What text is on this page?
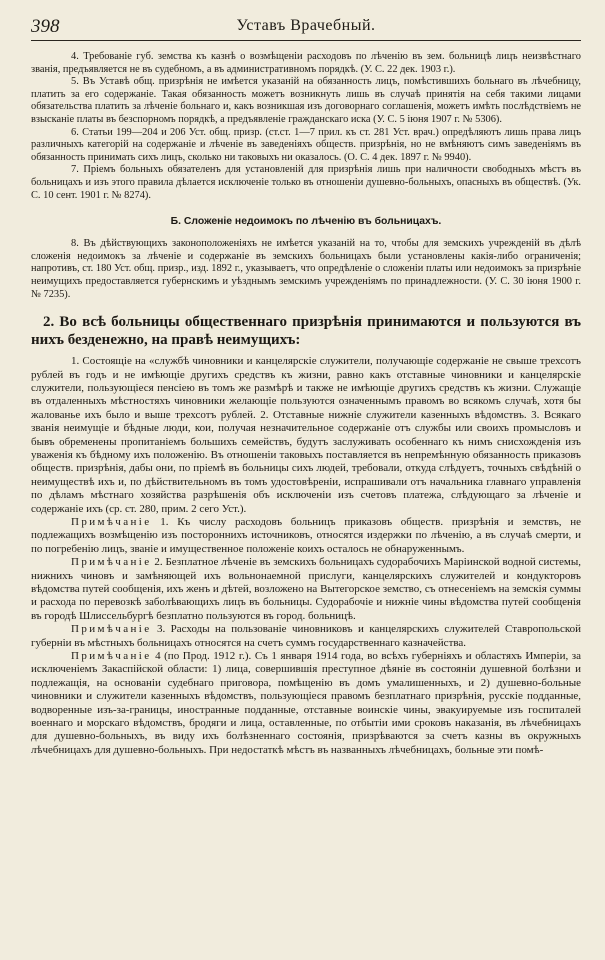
398	Уставъ Врачебный.

4. Требованіе губ. земства къ казнѣ о возмѣщеніи расходовъ по лѣченію въ зем. больницѣ лицъ неизвѣстнаго званія, предъявляется не въ судебномъ, а въ административномъ порядкѣ. (У. С. 22 дек. 1903 г.).

5. Въ Уставѣ общ. призрѣнія не имѣется указаній на обязанность лицъ, помѣстившихъ больнаго въ лѣчебницу, платить за его содержаніе. Такая обязанность можетъ возникнуть лишь въ случаѣ принятія на себя такими лицами обязательства платить за лѣченіе больнаго и, какъ возникшая изъ договорнаго соглашенія, можетъ имѣть послѣдствіемъ не взысканіе платы въ безспорномъ порядкѣ, а предъявленіе гражданскаго иска (У. С. 5 іюня 1907 г. № 5306).

6. Статьи 199—204 и 206 Уст. общ. призр. (ст.ст. 1—7 прил. къ ст. 281 Уст. врач.) опредѣляютъ лишь права лицъ различныхъ категорій на содержаніе и лѣченіе въ заведеніяхъ обществ. призрѣнія, но не вмѣняютъ симъ заведеніямъ въ обязанность принимать сихъ лицъ, сколько ни таковыхъ ни оказалось. (О. С. 4 дек. 1897 г. № 9940).

7. Пріемъ больныхъ обязателенъ для установленій для призрѣнія лишь при наличности свободныхъ мѣстъ въ больницахъ и изъ этого правила дѣлается исключеніе только въ отношеніи душевно-больныхъ, опасныхъ въ обществѣ. (Ук. С. 10 сент. 1901 г. № 8274).

Б. Сложеніе недоимокъ по лѣченію въ больницахъ.

8. Въ дѣйствующихъ законоположеніяхъ не имѣется указаній на то, чтобы для земскихъ учрежденій въ дѣлѣ сложенія недоимокъ за лѣченіе и содержаніе въ земскихъ больницахъ были установлены какія-либо ограниченія; напротивъ, ст. 180 Уст. общ. призр., изд. 1892 г., указываетъ, что опредѣленіе о сложеніи платы или недоимокъ за призрѣніе неимущихъ предоставляется губернскимъ и уѣзднымъ земскимъ учрежденіямъ по принадлежности. (У. С. 30 іюня 1900 г. № 7235).

2. Во всѣ больницы общественнаго призрѣнія принимаются и пользуются въ нихъ безденежно, на правѣ неимущихъ:

1. Состоящіе на «службѣ чиновники и канцелярскіе служители, получающіе содержаніе не свыше трехсотъ рублей въ годъ и не имѣющіе другихъ средствъ къ жизни, равно какъ отставные чиновники и канцелярскіе служители, пользующіеся пенсіею въ томъ же размѣрѣ и также не имѣющіе другихъ средствъ къ жизни. Служащіе въ отдаленныхъ мѣстностяхъ чиновники желающіе пользуются означеннымъ правомъ во всякомъ случаѣ, хотя бы жалованье ихъ было и выше трехсотъ рублей. 2. Отставные нижніе служители казенныхъ вѣдомствъ. 3. Всякаго званія неимущіе и бѣдные люди, кои, получая незначительное содержаніе отъ службы или своихъ промысловъ и бывъ обременены пропитаніемъ большихъ семействъ, будутъ заслуживать особеннаго къ нимъ снисхожденія изъ уваженія къ бѣдному ихъ положенію. Въ отношеніи таковыхъ поставляется въ непремѣнную обязанность приказовъ обществ. призрѣнія, дабы они, по пріемѣ въ больницы сихъ людей, требовали, откуда слѣдуетъ, точныхъ свѣдѣній о неимуществѣ ихъ и, по дѣйствительномъ въ томъ удостовѣреніи, испрашивали отъ начальника главнаго управленія по дѣламъ мѣстнаго хозяйства разрѣшенія объ исключеніи изъ счетовъ платежа, слѣдующаго за лѣченіе и содержаніе ихъ (ср. ст. 280, прим. 2 сего Уст.).

Примѣчаніе 1. Къ числу расходовъ больницъ приказовъ обществ. призрѣнія и земствъ, не подлежащихъ возмѣщенію изъ постороннихъ источниковъ, относятся издержки по лѣченію, а въ случаѣ смерти, и по погребенію лицъ, званіе и имущественное положеніе коихъ осталось не обнаруженнымъ.

Примѣчаніе 2. Безплатное лѣченіе въ земскихъ больницахъ судорабочихъ Маріинской водной системы, нижнихъ чиновъ и замѣняющей ихъ вольнонаемной прислуги, канцелярскихъ служителей и кондукторовъ вѣдомства путей сообщенія, ихъ женъ и дѣтей, возложено на Вытегорское земство, съ отнесеніемъ на земскія суммы и расхода по перевозкѣ заболѣвающихъ лицъ въ больницы. Судорабочіе и нижніе чины вѣдомства путей сообщенія въ городѣ Шлиссельбургѣ безплатно пользуются въ город. больницѣ.

Примѣчаніе 3. Расходы на пользованіе чиновниковъ и канцелярскихъ служителей Ставропольской губерніи въ мѣстныхъ больницахъ относятся на счетъ суммъ государственнаго казначейства.

Примѣчаніе 4 (по Прод. 1912 г.). Съ 1 января 1914 года, во всѣхъ губерніяхъ и областяхъ Имперіи, за исключеніемъ Закаспійской области: 1) лица, совершившія преступное дѣяніе въ состояніи душевной болѣзни и подлежащія, на основаніи судебнаго приговора, помѣщенію въ домъ умалишенныхъ, и 2) душевно-больные чиновники и служители казенныхъ вѣдомствъ, пользующіеся правомъ безплатнаго призрѣнія, русскіе подданные, водворенные изъ-за-границы, иностранные подданные, отставные воинскіе чины, эвакуируемые изъ госпиталей военнаго и морскаго вѣдомствъ, бродяги и лица, оставленные, по отбытіи ими сроковъ наказанія, въ лѣчебницахъ для душевно-больныхъ, въ виду ихъ болѣзненнаго состоянія, призрѣваются за счетъ казны въ окружныхъ лѣчебницахъ для душевно-больныхъ. При недостаткѣ мѣстъ въ названныхъ лѣчебницахъ, больные эти помѣ-
